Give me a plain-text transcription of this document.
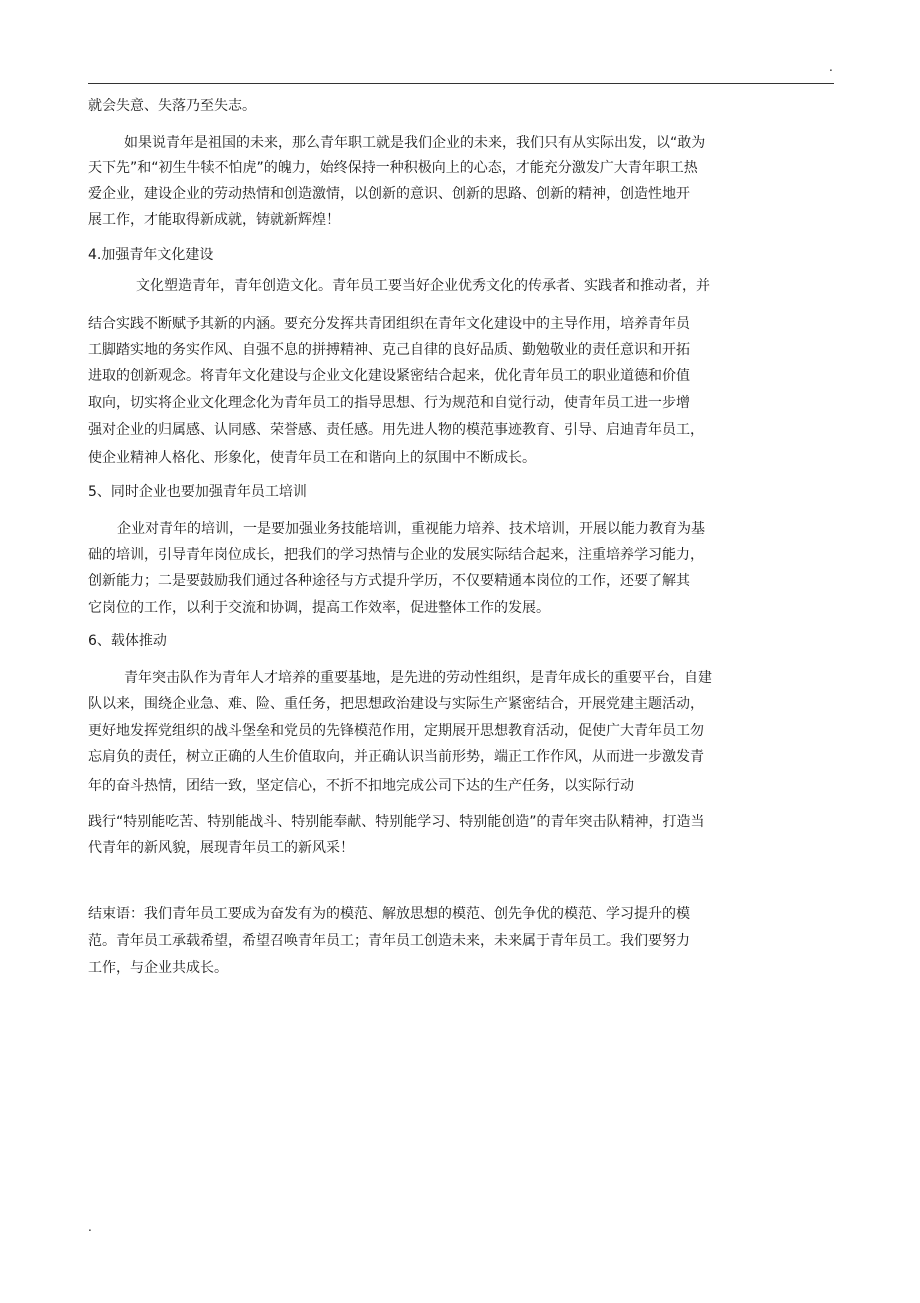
.
就会失意、失落乃至失志。
如果说青年是祖国的未来，那么青年职工就是我们企业的未来，我们只有从实际出发，以“敢为
天下先”和“初生牛犊不怕虎”的魄力，始终保持一种积极向上的心态，才能充分激发广大青年职工热
爱企业，建设企业的劳动热情和创造激情，以创新的意识、创新的思路、创新的精神，创造性地开
展工作，才能取得新成就，铸就新辉煌！
4.加强青年文化建设
文化塑造青年，青年创造文化。青年员工要当好企业优秀文化的传承者、实践者和推动者，并
结合实践不断赋予其新的内涵。要充分发挥共青团组织在青年文化建设中的主导作用，培养青年员
工脚踏实地的务实作风、自强不息的拼搏精神、克己自律的良好品质、勤勉敬业的责任意识和开拓
进取的创新观念。将青年文化建设与企业文化建设紧密结合起来，优化青年员工的职业道德和价值
取向，切实将企业文化理念化为青年员工的指导思想、行为规范和自觉行动，使青年员工进一步增
强对企业的归属感、认同感、荣誉感、责任感。用先进人物的模范事迹教育、引导、启迪青年员工，
使企业精神人格化、形象化，使青年员工在和谐向上的氛围中不断成长。
5、同时企业也要加强青年员工培训
企业对青年的培训，一是要加强业务技能培训，重视能力培养、技术培训，开展以能力教育为基
础的培训，引导青年岗位成长，把我们的学习热情与企业的发展实际结合起来，注重培养学习能力，
创新能力；二是要鼓励我们通过各种途径与方式提升学历，不仅要精通本岗位的工作，还要了解其
它岗位的工作，以利于交流和协调，提高工作效率，促进整体工作的发展。
6、载体推动
青年突击队作为青年人才培养的重要基地，是先进的劳动性组织，是青年成长的重要平台，自建
队以来，围绕企业急、难、险、重任务，把思想政治建设与实际生产紧密结合，开展党建主题活动，
更好地发挥党组织的战斗堡垒和党员的先锋模范作用，定期展开思想教育活动，促使广大青年员工勿
忘肩负的责任，树立正确的人生价值取向，并正确认识当前形势，端正工作作风，从而进一步激发青
年的奋斗热情，团结一致，坚定信心，不折不扣地完成公司下达的生产任务，以实际行动
践行“特别能吃苦、特别能战斗、特别能奉献、特别能学习、特别能创造”的青年突击队精神，打造当
代青年的新风貌，展现青年员工的新风采！
结束语：我们青年员工要成为奋发有为的模范、解放思想的模范、创先争优的模范、学习提升的模
范。青年员工承载希望，希望召唤青年员工；青年员工创造未来，未来属于青年员工。我们要努力
工作，与企业共成长。
.
